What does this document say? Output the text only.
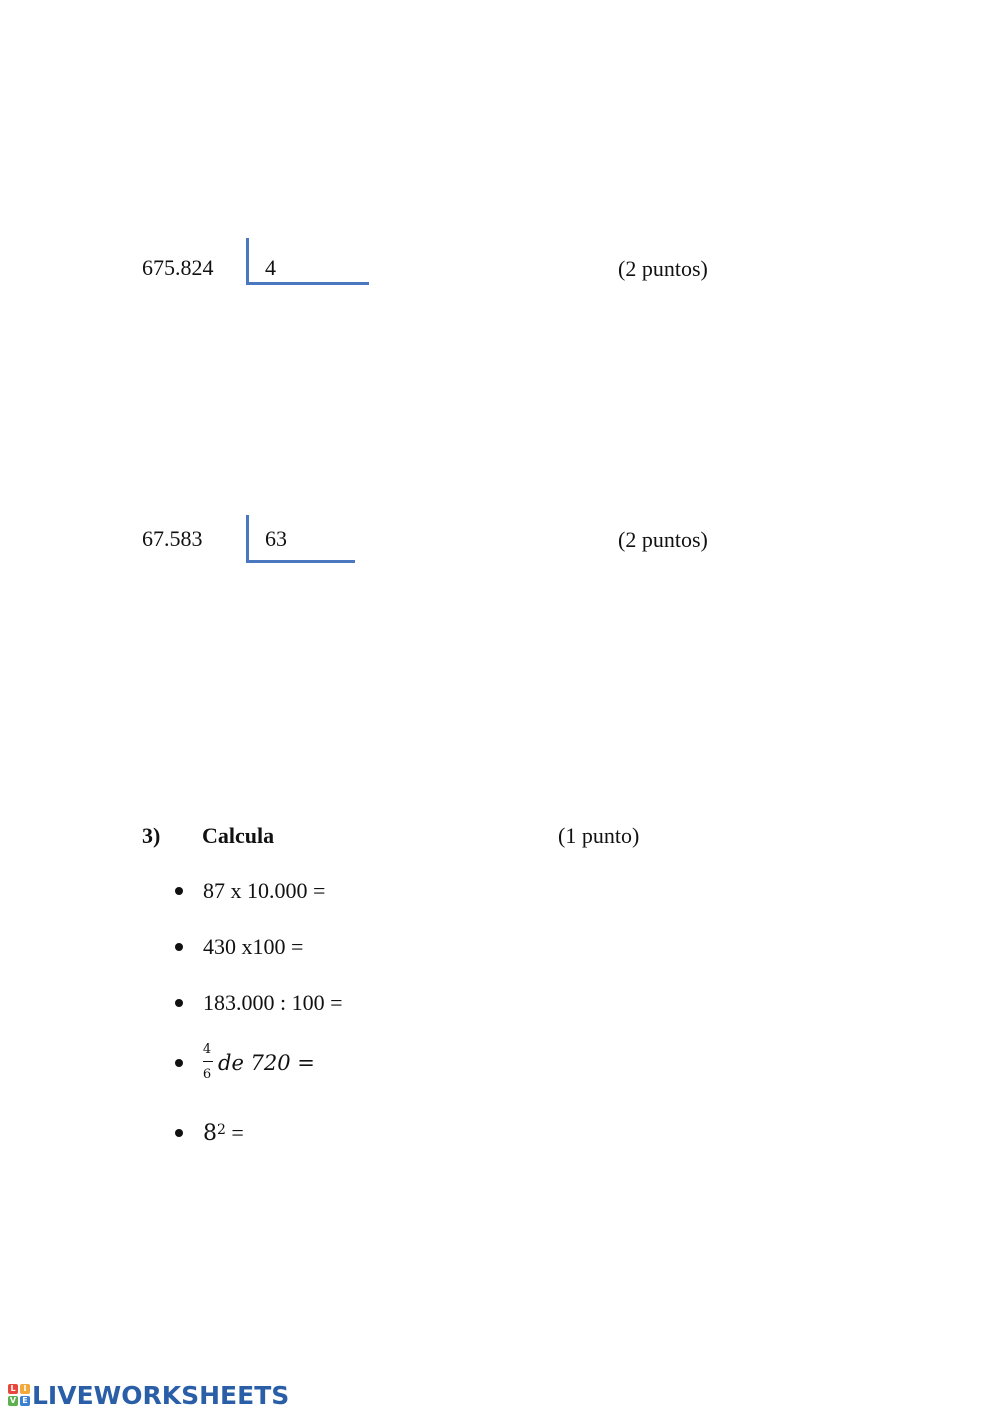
675.824 4	(2 puntos)
67.583	63	(2 puntos)
3) Calcula	(1 punto)
87 x 10.000 =
430 x100 =
183.000 : 100 =
4
6 de 720 =
$8^2$ =
L I
V E LIVEWORKSHEETS
